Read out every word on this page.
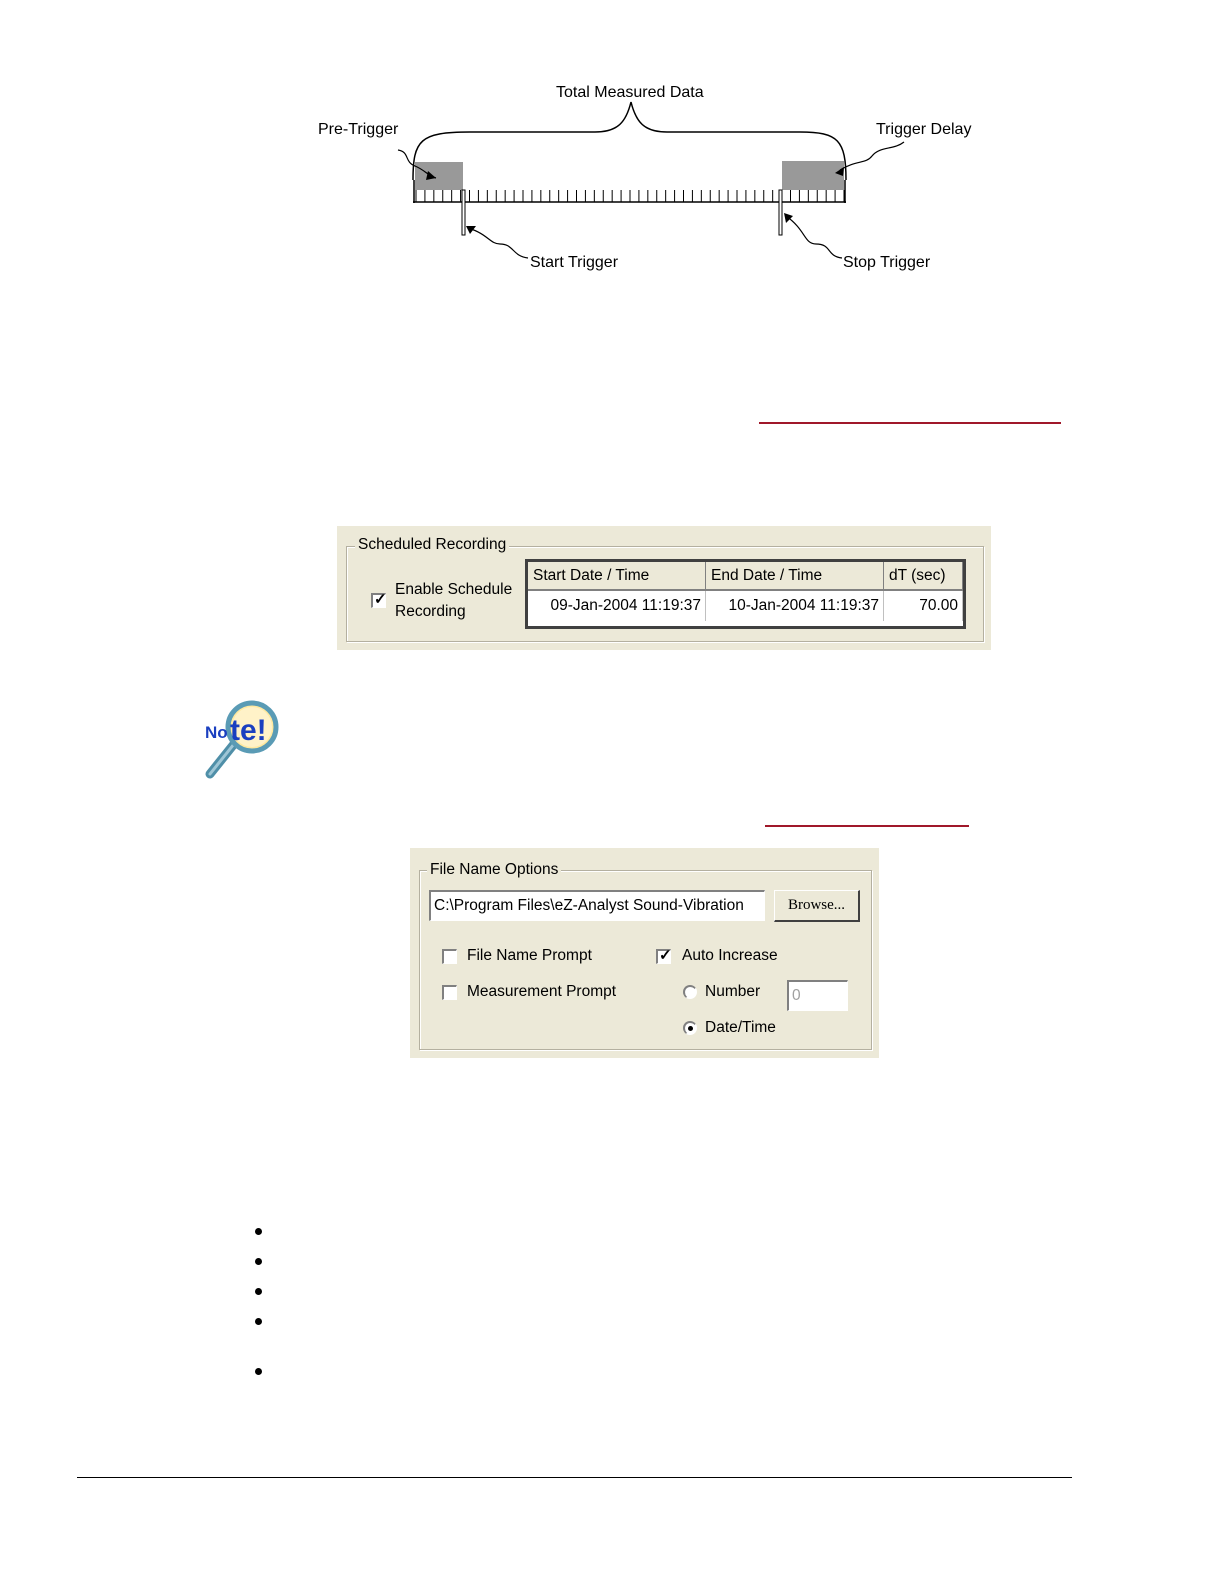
Total Measured Data
Pre-Trigger	Trigger Delay
Start Trigger	Stop Trigger
Scheduled Recording
✓
Enable Schedule
Recording
Start Date / Time	End Date / Time	dT (sec)
09-Jan-2004 11:19:37	10-Jan-2004 11:19:37	70.00
No te!
File Name Options
C:\Program Files\eZ-Analyst Sound-Vibration	Browse...
File Name Prompt
Measurement Prompt
✓ Auto Increase
Number	0
Date/Time
